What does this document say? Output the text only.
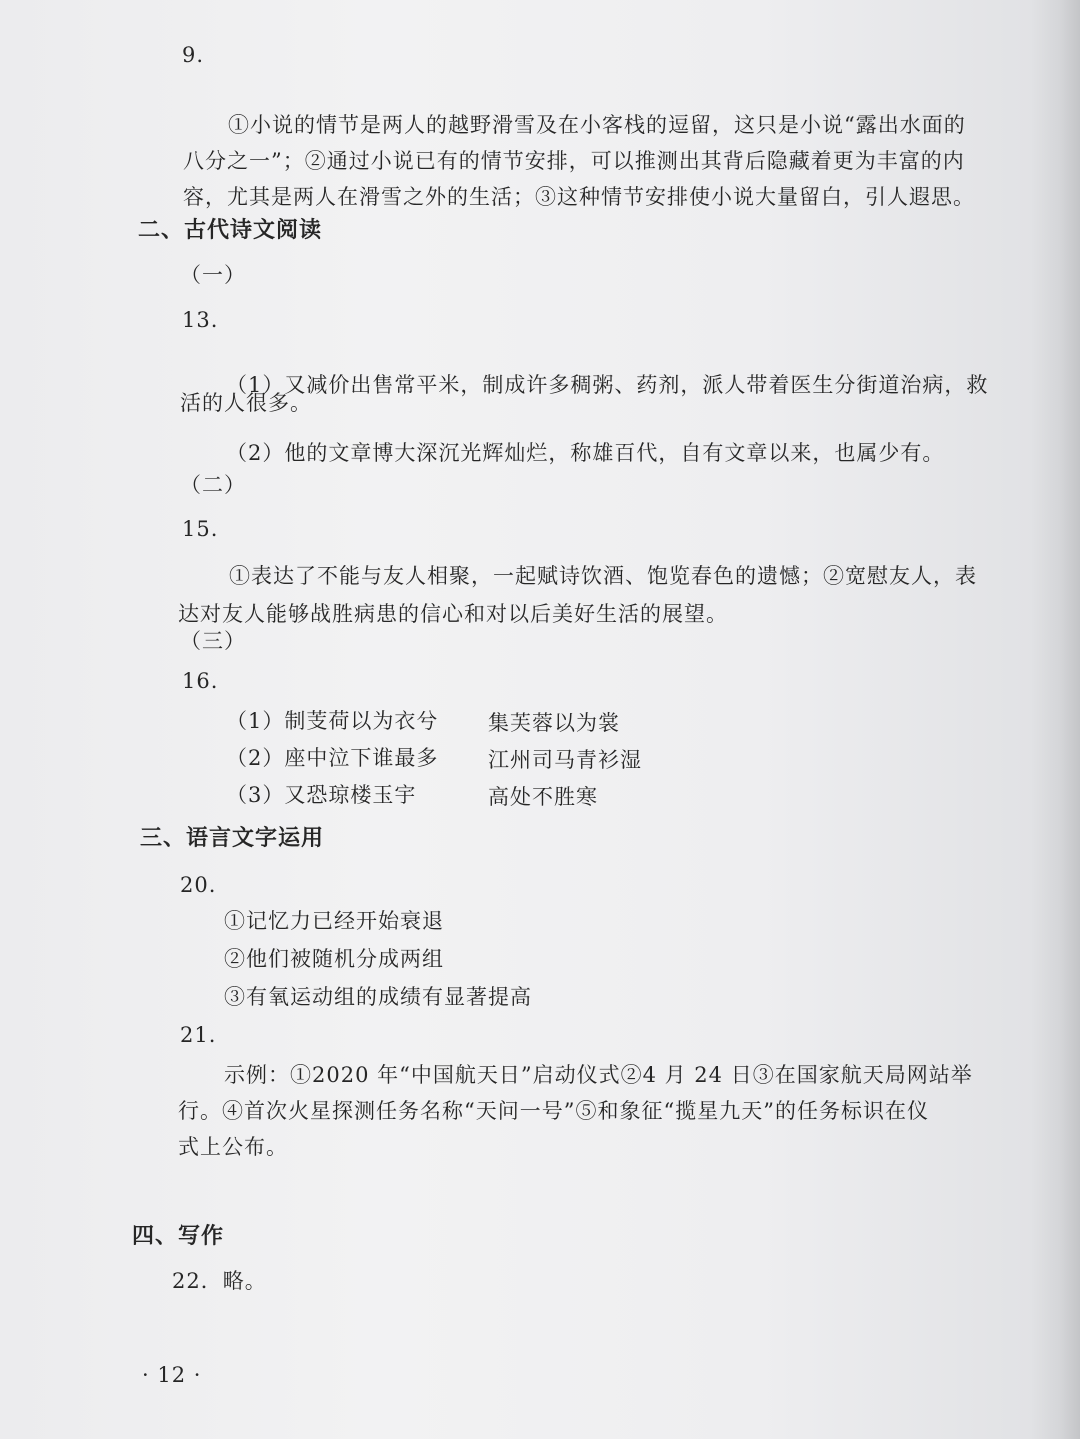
9.
①小说的情节是两人的越野滑雪及在小客栈的逗留，这只是小说“露出水面的
八分之一”；②通过小说已有的情节安排，可以推测出其背后隐藏着更为丰富的内
容，尤其是两人在滑雪之外的生活；③这种情节安排使小说大量留白，引人遐思。
二、古代诗文阅读
（一）
13.
（1）又减价出售常平米，制成许多稠粥、药剂，派人带着医生分街道治病，救
活的人很多。
（2）他的文章博大深沉光辉灿烂，称雄百代，自有文章以来，也属少有。
（二）
15.
①表达了不能与友人相聚，一起赋诗饮酒、饱览春色的遗憾；②宽慰友人，表
达对友人能够战胜病患的信心和对以后美好生活的展望。
（三）
16.
（1）制芰荷以为衣兮 集芙蓉以为裳
（2）座中泣下谁最多 江州司马青衫湿
（3）又恐琼楼玉宇	高处不胜寒
三、语言文字运用
20.
①记忆力已经开始衰退
②他们被随机分成两组
③有氧运动组的成绩有显著提高
21.
示例：①2020 年“中国航天日”启动仪式②4 月 24 日③在国家航天局网站举
行。④首次火星探测任务名称“天问一号”⑤和象征“揽星九天”的任务标识在仪
式上公布。
四、写作
22．略。
· 12 ·
